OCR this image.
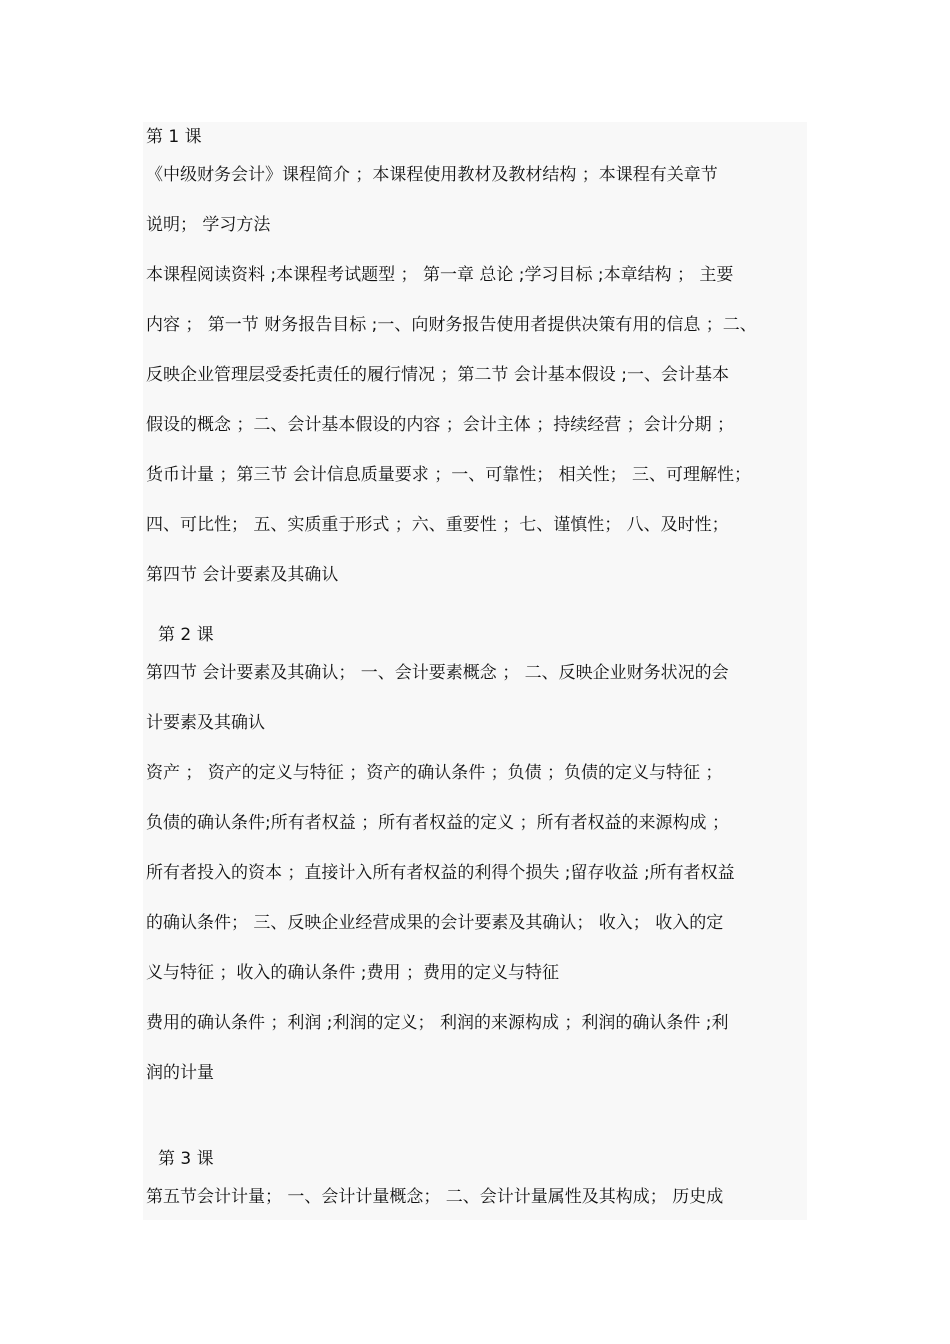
第 1 课
《中级财务会计》课程简介 ；本课程使用教材及教材结构 ；本课程有关章节
说明； 学习方法
本课程阅读资料 ;本课程考试题型 ； 第一章 总论 ;学习目标 ;本章结构 ； 主要
内容 ； 第一节 财务报告目标 ;一、向财务报告使用者提供决策有用的信息 ；二、
反映企业管理层受委托责任的履行情况 ；第二节 会计基本假设 ;一、会计基本
假设的概念 ；二、会计基本假设的内容 ；会计主体 ；持续经营 ；会计分期 ；
货币计量 ；第三节 会计信息质量要求 ；一、可靠性； 相关性； 三、可理解性；
四、可比性； 五、实质重于形式 ；六、重要性 ；七、谨慎性； 八、及时性；
第四节 会计要素及其确认
第 2 课
第四节 会计要素及其确认； 一、会计要素概念 ； 二、反映企业财务状况的会
计要素及其确认
资产 ； 资产的定义与特征 ；资产的确认条件 ；负债 ；负债的定义与特征 ；
负债的确认条件;所有者权益 ；所有者权益的定义 ；所有者权益的来源构成 ；
所有者投入的资本 ；直接计入所有者权益的利得个损失 ;留存收益 ;所有者权益
的确认条件； 三、反映企业经营成果的会计要素及其确认； 收入； 收入的定
义与特征 ；收入的确认条件 ;费用 ；费用的定义与特征
费用的确认条件 ；利润 ;利润的定义； 利润的来源构成 ；利润的确认条件 ;利
润的计量
第 3 课
第五节会计计量； 一、会计计量概念； 二、会计计量属性及其构成； 历史成
